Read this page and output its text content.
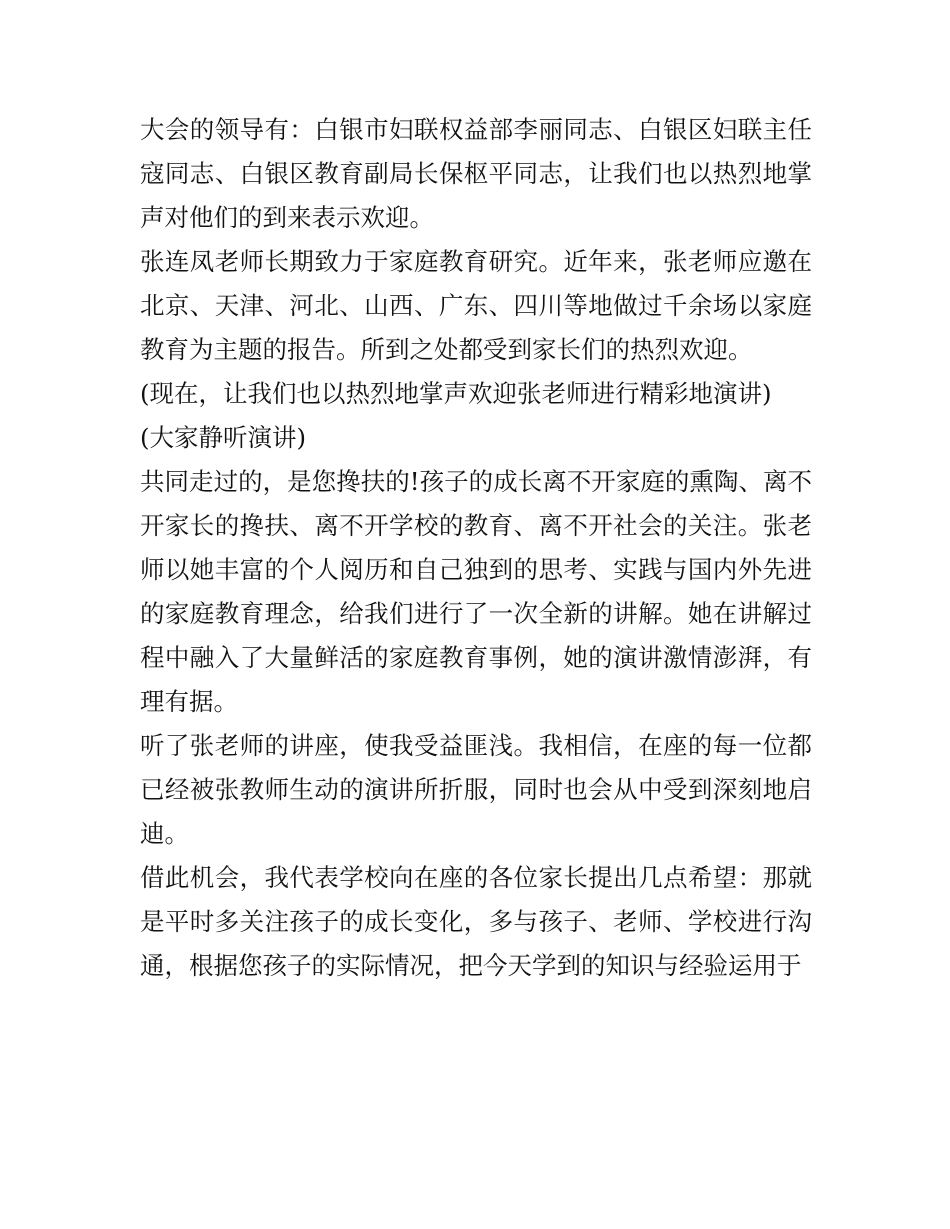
大会的领导有：白银市妇联权益部李丽同志、白银区妇联主任寇同志、白银区教育副局长保枢平同志，让我们也以热烈地掌声对他们的到来表示欢迎。

张连凤老师长期致力于家庭教育研究。近年来，张老师应邀在北京、天津、河北、山西、广东、四川等地做过千余场以家庭教育为主题的报告。所到之处都受到家长们的热烈欢迎。

(现在，让我们也以热烈地掌声欢迎张老师进行精彩地演讲)

(大家静听演讲)

共同走过的，是您搀扶的!孩子的成长离不开家庭的熏陶、离不开家长的搀扶、离不开学校的教育、离不开社会的关注。张老师以她丰富的个人阅历和自己独到的思考、实践与国内外先进的家庭教育理念，给我们进行了一次全新的讲解。她在讲解过程中融入了大量鲜活的家庭教育事例，她的演讲激情澎湃，有理有据。

听了张老师的讲座，使我受益匪浅。我相信，在座的每一位都已经被张教师生动的演讲所折服，同时也会从中受到深刻地启迪。

借此机会，我代表学校向在座的各位家长提出几点希望：那就是平时多关注孩子的成长变化，多与孩子、老师、学校进行沟通，根据您孩子的实际情况，把今天学到的知识与经验运用于
